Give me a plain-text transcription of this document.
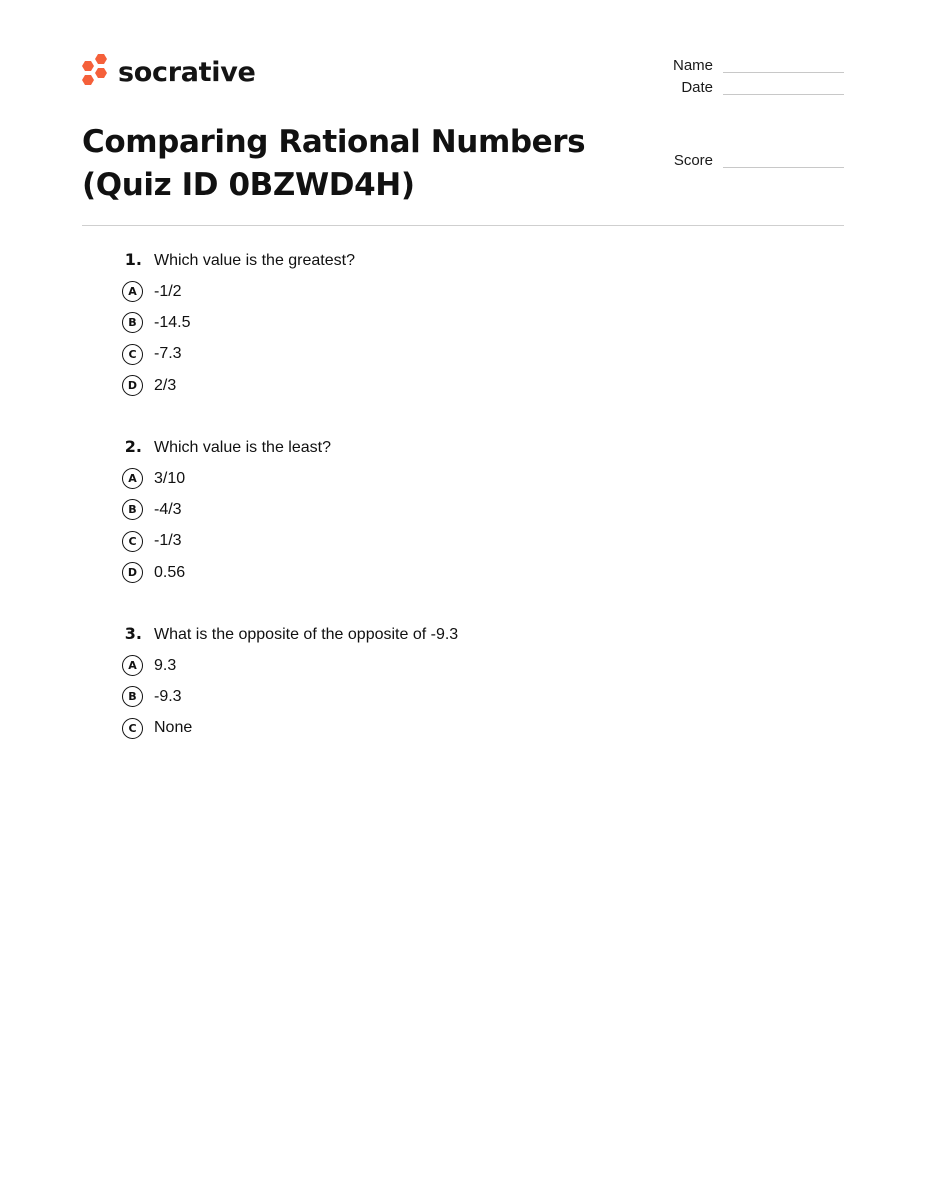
socrative	Name
Date
Score
Comparing Rational Numbers
(Quiz ID 0BZWD4H)
1. Which value is the greatest?
A	-1/2
B	-14.5
C	-7.3
D	2/3
2. Which value is the least?
A	3/10
B	-4/3
C	-1/3
D	0.56
3. What is the opposite of the opposite of -9.3
A	9.3
B	-9.3
C	None
